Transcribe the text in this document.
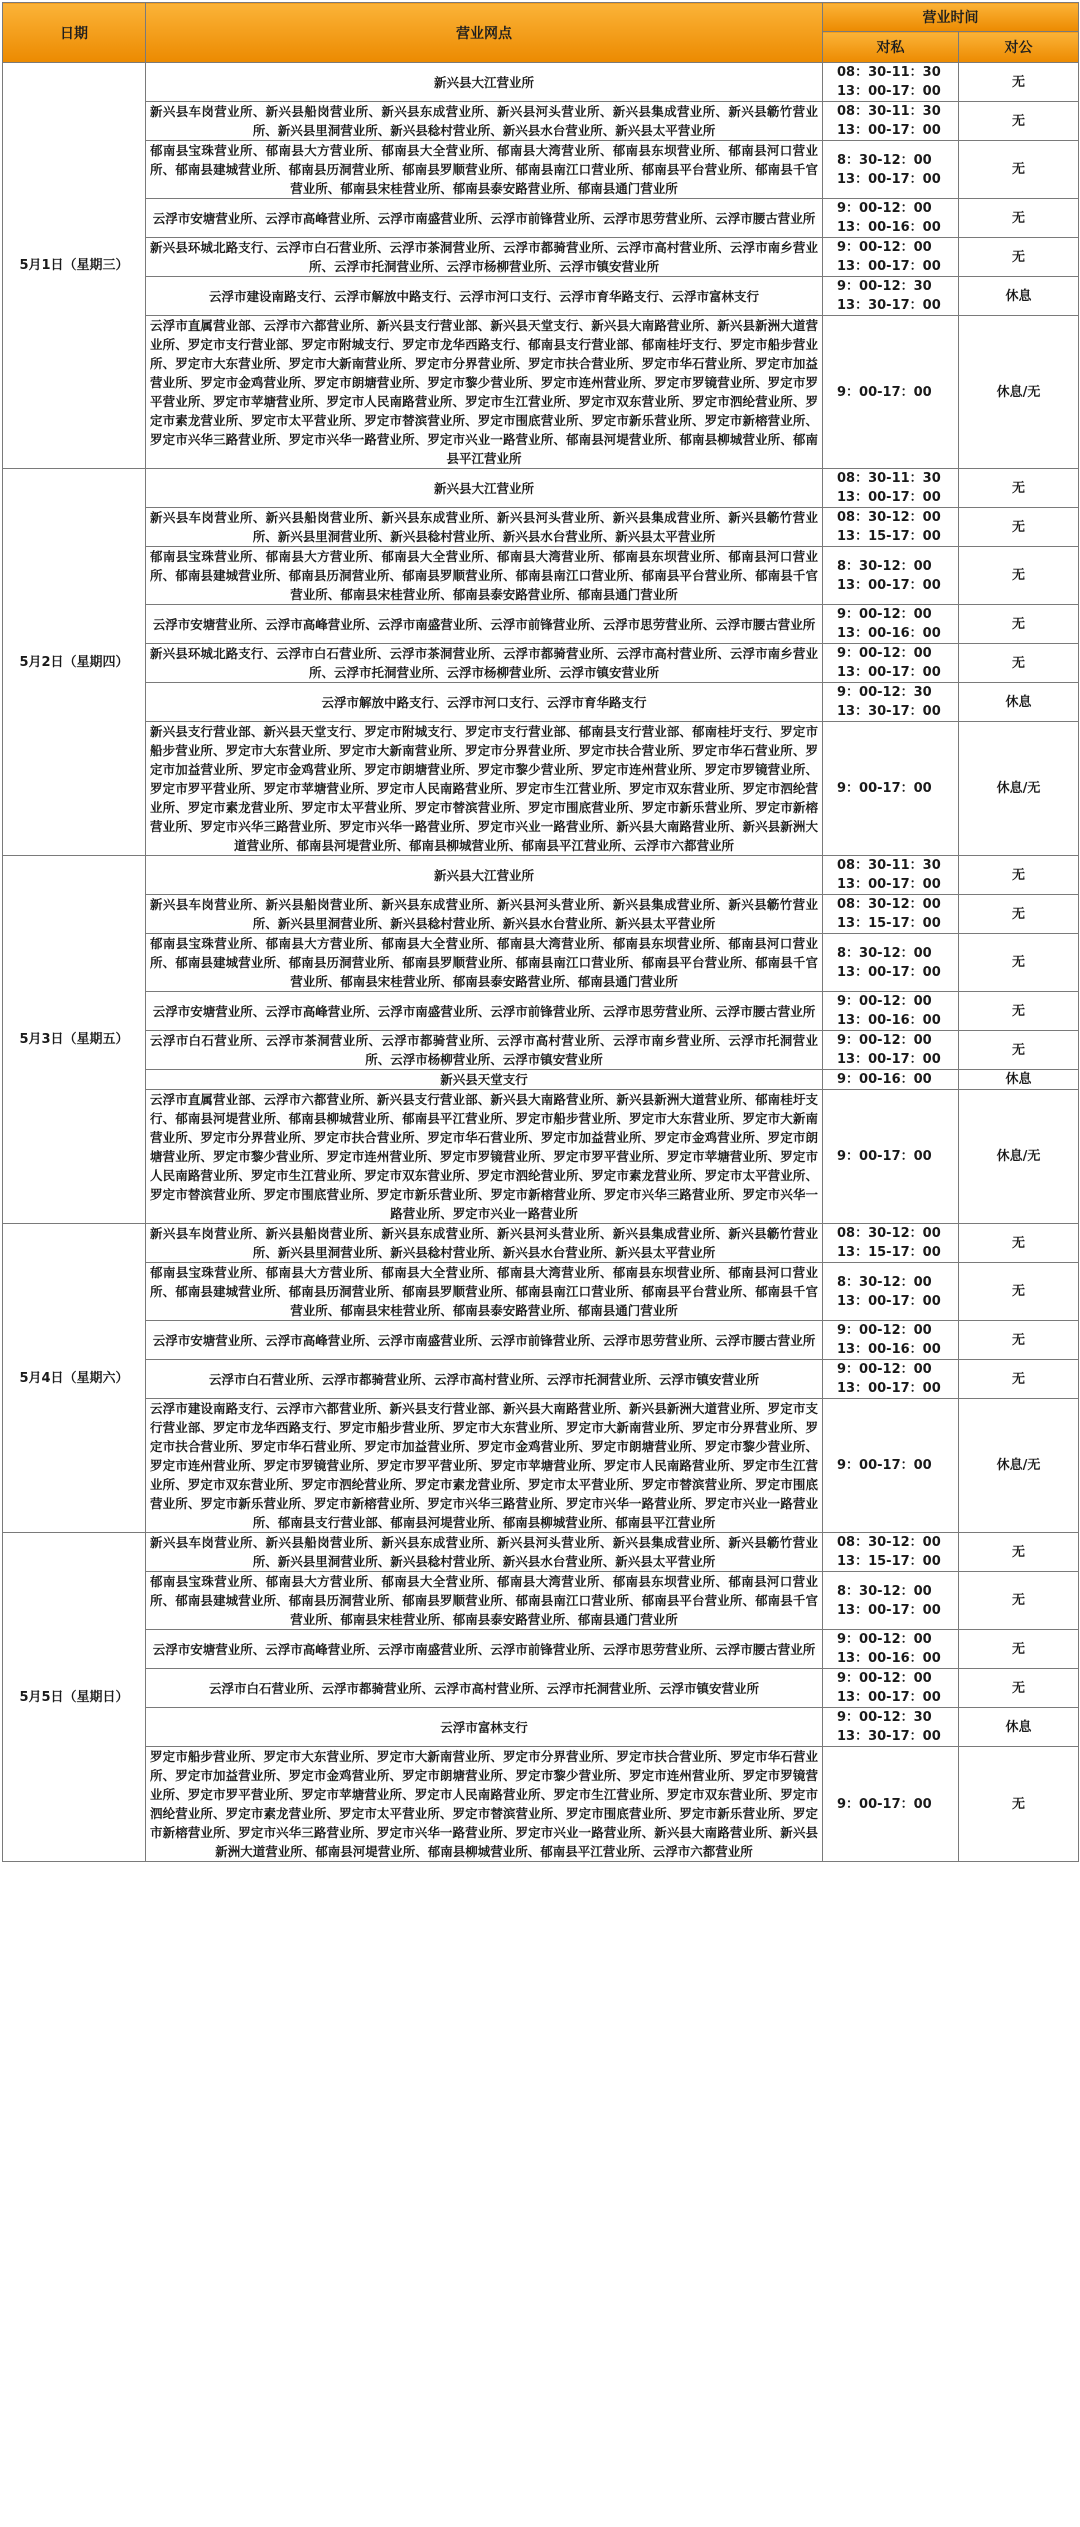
日期	营业网点	营业时间	
		对私	对公
5月1日（星期三）	新兴县大江营业所	08：30-11：30
13：00-17：00	无
	新兴县车岗营业所、新兴县船岗营业所、新兴县东成营业所、新兴县河头营业所、新兴县集成营业所、新兴县簕竹营业所、新兴县里洞营业所、新兴县稔村营业所、新兴县水台营业所、新兴县太平营业所	08：30-11：30
13：00-17：00	无
	郁南县宝珠营业所、郁南县大方营业所、郁南县大全营业所、郁南县大湾营业所、郁南县东坝营业所、郁南县河口营业所、郁南县建城营业所、郁南县历洞营业所、郁南县罗顺营业所、郁南县南江口营业所、郁南县平台营业所、郁南县千官营业所、郁南县宋桂营业所、郁南县泰安路营业所、郁南县通门营业所	8：30-12：00
13：00-17：00	无
	云浮市安塘营业所、云浮市高峰营业所、云浮市南盛营业所、云浮市前锋营业所、云浮市思劳营业所、云浮市腰古营业所	9：00-12：00
13：00-16：00	无
	新兴县环城北路支行、云浮市白石营业所、云浮市茶洞营业所、云浮市都骑营业所、云浮市高村营业所、云浮市南乡营业所、云浮市托洞营业所、云浮市杨柳营业所、云浮市镇安营业所	9：00-12：00
13：00-17：00	无
	云浮市建设南路支行、云浮市解放中路支行、云浮市河口支行、云浮市育华路支行、云浮市富林支行	9：00-12：30
13：30-17：00	休息
	云浮市直属营业部、云浮市六都营业所、新兴县支行营业部、新兴县天堂支行、新兴县大南路营业所、新兴县新洲大道营业所、罗定市支行营业部、罗定市附城支行、罗定市龙华西路支行、郁南县支行营业部、郁南桂圩支行、罗定市船步营业所、罗定市大东营业所、罗定市大新南营业所、罗定市分界营业所、罗定市扶合营业所、罗定市华石营业所、罗定市加益营业所、罗定市金鸡营业所、罗定市朗塘营业所、罗定市黎少营业所、罗定市连州营业所、罗定市罗镜营业所、罗定市罗平营业所、罗定市苹塘营业所、罗定市人民南路营业所、罗定市生江营业所、罗定市双东营业所、罗定市泗纶营业所、罗定市素龙营业所、罗定市太平营业所、罗定市替滨营业所、罗定市围底营业所、罗定市新乐营业所、罗定市新榕营业所、罗定市兴华三路营业所、罗定市兴华一路营业所、罗定市兴业一路营业所、郁南县河堤营业所、郁南县柳城营业所、郁南县平江营业所	9：00-17：00	休息/无
5月2日（星期四）	新兴县大江营业所	08：30-11：30
13：00-17：00	无
	新兴县车岗营业所、新兴县船岗营业所、新兴县东成营业所、新兴县河头营业所、新兴县集成营业所、新兴县簕竹营业所、新兴县里洞营业所、新兴县稔村营业所、新兴县水台营业所、新兴县太平营业所	08：30-12：00
13：15-17：00	无
	郁南县宝珠营业所、郁南县大方营业所、郁南县大全营业所、郁南县大湾营业所、郁南县东坝营业所、郁南县河口营业所、郁南县建城营业所、郁南县历洞营业所、郁南县罗顺营业所、郁南县南江口营业所、郁南县平台营业所、郁南县千官营业所、郁南县宋桂营业所、郁南县泰安路营业所、郁南县通门营业所	8：30-12：00
13：00-17：00	无
	云浮市安塘营业所、云浮市高峰营业所、云浮市南盛营业所、云浮市前锋营业所、云浮市思劳营业所、云浮市腰古营业所	9：00-12：00
13：00-16：00	无
	新兴县环城北路支行、云浮市白石营业所、云浮市茶洞营业所、云浮市都骑营业所、云浮市高村营业所、云浮市南乡营业所、云浮市托洞营业所、云浮市杨柳营业所、云浮市镇安营业所	9：00-12：00
13：00-17：00	无
	云浮市解放中路支行、云浮市河口支行、云浮市育华路支行	9：00-12：30
13：30-17：00	休息
	新兴县支行营业部、新兴县天堂支行、罗定市附城支行、罗定市支行营业部、郁南县支行营业部、郁南桂圩支行、罗定市船步营业所、罗定市大东营业所、罗定市大新南营业所、罗定市分界营业所、罗定市扶合营业所、罗定市华石营业所、罗定市加益营业所、罗定市金鸡营业所、罗定市朗塘营业所、罗定市黎少营业所、罗定市连州营业所、罗定市罗镜营业所、罗定市罗平营业所、罗定市苹塘营业所、罗定市人民南路营业所、罗定市生江营业所、罗定市双东营业所、罗定市泗纶营业所、罗定市素龙营业所、罗定市太平营业所、罗定市替滨营业所、罗定市围底营业所、罗定市新乐营业所、罗定市新榕营业所、罗定市兴华三路营业所、罗定市兴华一路营业所、罗定市兴业一路营业所、新兴县大南路营业所、新兴县新洲大道营业所、郁南县河堤营业所、郁南县柳城营业所、郁南县平江营业所、云浮市六都营业所	9：00-17：00	休息/无
5月3日（星期五）	新兴县大江营业所	08：30-11：30
13：00-17：00	无
	新兴县车岗营业所、新兴县船岗营业所、新兴县东成营业所、新兴县河头营业所、新兴县集成营业所、新兴县簕竹营业所、新兴县里洞营业所、新兴县稔村营业所、新兴县水台营业所、新兴县太平营业所	08：30-12：00
13：15-17：00	无
	郁南县宝珠营业所、郁南县大方营业所、郁南县大全营业所、郁南县大湾营业所、郁南县东坝营业所、郁南县河口营业所、郁南县建城营业所、郁南县历洞营业所、郁南县罗顺营业所、郁南县南江口营业所、郁南县平台营业所、郁南县千官营业所、郁南县宋桂营业所、郁南县泰安路营业所、郁南县通门营业所	8：30-12：00
13：00-17：00	无
	云浮市安塘营业所、云浮市高峰营业所、云浮市南盛营业所、云浮市前锋营业所、云浮市思劳营业所、云浮市腰古营业所	9：00-12：00
13：00-16：00	无
	云浮市白石营业所、云浮市茶洞营业所、云浮市都骑营业所、云浮市高村营业所、云浮市南乡营业所、云浮市托洞营业所、云浮市杨柳营业所、云浮市镇安营业所	9：00-12：00
13：00-17：00	无
	新兴县天堂支行	9：00-16：00	休息
	云浮市直属营业部、云浮市六都营业所、新兴县支行营业部、新兴县大南路营业所、新兴县新洲大道营业所、郁南桂圩支行、郁南县河堤营业所、郁南县柳城营业所、郁南县平江营业所、罗定市船步营业所、罗定市大东营业所、罗定市大新南营业所、罗定市分界营业所、罗定市扶合营业所、罗定市华石营业所、罗定市加益营业所、罗定市金鸡营业所、罗定市朗塘营业所、罗定市黎少营业所、罗定市连州营业所、罗定市罗镜营业所、罗定市罗平营业所、罗定市苹塘营业所、罗定市人民南路营业所、罗定市生江营业所、罗定市双东营业所、罗定市泗纶营业所、罗定市素龙营业所、罗定市太平营业所、罗定市替滨营业所、罗定市围底营业所、罗定市新乐营业所、罗定市新榕营业所、罗定市兴华三路营业所、罗定市兴华一路营业所、罗定市兴业一路营业所	9：00-17：00	休息/无
5月4日（星期六）	新兴县车岗营业所、新兴县船岗营业所、新兴县东成营业所、新兴县河头营业所、新兴县集成营业所、新兴县簕竹营业所、新兴县里洞营业所、新兴县稔村营业所、新兴县水台营业所、新兴县太平营业所	08：30-12：00
13：15-17：00	无
	郁南县宝珠营业所、郁南县大方营业所、郁南县大全营业所、郁南县大湾营业所、郁南县东坝营业所、郁南县河口营业所、郁南县建城营业所、郁南县历洞营业所、郁南县罗顺营业所、郁南县南江口营业所、郁南县平台营业所、郁南县千官营业所、郁南县宋桂营业所、郁南县泰安路营业所、郁南县通门营业所	8：30-12：00
13：00-17：00	无
	云浮市安塘营业所、云浮市高峰营业所、云浮市南盛营业所、云浮市前锋营业所、云浮市思劳营业所、云浮市腰古营业所	9：00-12：00
13：00-16：00	无
	云浮市白石营业所、云浮市都骑营业所、云浮市高村营业所、云浮市托洞营业所、云浮市镇安营业所	9：00-12：00
13：00-17：00	无
	云浮市建设南路支行、云浮市六都营业所、新兴县支行营业部、新兴县大南路营业所、新兴县新洲大道营业所、罗定市支行营业部、罗定市龙华西路支行、罗定市船步营业所、罗定市大东营业所、罗定市大新南营业所、罗定市分界营业所、罗定市扶合营业所、罗定市华石营业所、罗定市加益营业所、罗定市金鸡营业所、罗定市朗塘营业所、罗定市黎少营业所、罗定市连州营业所、罗定市罗镜营业所、罗定市罗平营业所、罗定市苹塘营业所、罗定市人民南路营业所、罗定市生江营业所、罗定市双东营业所、罗定市泗纶营业所、罗定市素龙营业所、罗定市太平营业所、罗定市替滨营业所、罗定市围底营业所、罗定市新乐营业所、罗定市新榕营业所、罗定市兴华三路营业所、罗定市兴华一路营业所、罗定市兴业一路营业所、郁南县支行营业部、郁南县河堤营业所、郁南县柳城营业所、郁南县平江营业所	9：00-17：00	休息/无
5月5日（星期日）	新兴县车岗营业所、新兴县船岗营业所、新兴县东成营业所、新兴县河头营业所、新兴县集成营业所、新兴县簕竹营业所、新兴县里洞营业所、新兴县稔村营业所、新兴县水台营业所、新兴县太平营业所	08：30-12：00
13：15-17：00	无
	郁南县宝珠营业所、郁南县大方营业所、郁南县大全营业所、郁南县大湾营业所、郁南县东坝营业所、郁南县河口营业所、郁南县建城营业所、郁南县历洞营业所、郁南县罗顺营业所、郁南县南江口营业所、郁南县平台营业所、郁南县千官营业所、郁南县宋桂营业所、郁南县泰安路营业所、郁南县通门营业所	8：30-12：00
13：00-17：00	无
	云浮市安塘营业所、云浮市高峰营业所、云浮市南盛营业所、云浮市前锋营业所、云浮市思劳营业所、云浮市腰古营业所	9：00-12：00
13：00-16：00	无
	云浮市白石营业所、云浮市都骑营业所、云浮市高村营业所、云浮市托洞营业所、云浮市镇安营业所	9：00-12：00
13：00-17：00	无
	云浮市富林支行	9：00-12：30
13：30-17：00	休息
	罗定市船步营业所、罗定市大东营业所、罗定市大新南营业所、罗定市分界营业所、罗定市扶合营业所、罗定市华石营业所、罗定市加益营业所、罗定市金鸡营业所、罗定市朗塘营业所、罗定市黎少营业所、罗定市连州营业所、罗定市罗镜营业所、罗定市罗平营业所、罗定市苹塘营业所、罗定市人民南路营业所、罗定市生江营业所、罗定市双东营业所、罗定市泗纶营业所、罗定市素龙营业所、罗定市太平营业所、罗定市替滨营业所、罗定市围底营业所、罗定市新乐营业所、罗定市新榕营业所、罗定市兴华三路营业所、罗定市兴华一路营业所、罗定市兴业一路营业所、新兴县大南路营业所、新兴县新洲大道营业所、郁南县河堤营业所、郁南县柳城营业所、郁南县平江营业所、云浮市六都营业所	9：00-17：00	无
